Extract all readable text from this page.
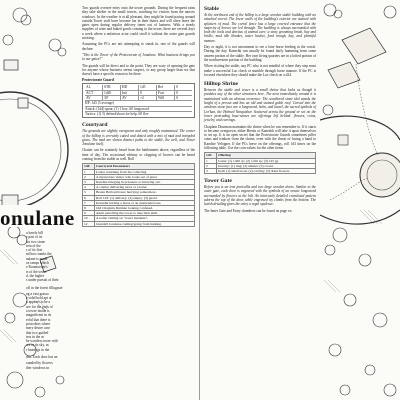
onulane

a lonely hill

e part of its

Inr two stone

tern of the

s of its first

nd how tranks the

aulane is made

oe ramps which

e Kraanstrom's

ts of the tower

d, the higher

s under pursuit of their

off in the forest fillugaste

ng a vast grasso

e solid hold apt at

o appears to be a

ace for the gods of

a tower inside a

magnificent in its

erful that there is

postcolins where

mery desire case

that two guided

ters in the ar

be wooden tower with

are in its sky, as

r bearings in the

nns. Each door has an

ounded by flowers

ther windows in

Two guards oversee entry onto the tower grounds. During the frequent rains they take shelter in the small towers, watching for visitors from the narrow windows. In the weather is at all pleasant, they might be found pacing around outside.Tower staff have become lax in their duties and will often leave the gates open during regular delivery times out of laziness. With a steady supplies of wine and baked goods coming to the tower, there are several days a week where a nefarious actor could stroll it without the outer gate guards noticing.

Assuming the PCs are not attempting to sneak in, one of the guards will declare:

"This is the Tower of the Protectorate of Jonulane. What business brings you to our gates?"

The guards will be direct and to the point. They are wary of opening the gate for anyone whose business seems suspect, or any group larger than six that doesn't have a specific reason to be there.

Protectorate Guard
AL	STR	HD	1d5	Ref	0
ACT	1d20	Init	0	Fort	0
AV	30'	AV	+2	Will	0
HP: 1d5 (5 average)
Attack: (1d4) spear, (1) 1 box, 60 longsword
Tactics: (1) 5) defend/shoot for help, 60 flee
Courtyard

The grounds are slightly overgrown and only roughly maintained. The center of the hilltop is eerrately cutted and dotted with a mix of mud and trampled grass. The mud are shown distinct paths to the stable, the well, and Tower Jonulane itself.

Chatter can be routinely heard from the battlements above, regardless of the time of day. The occasional whinny or clopping of hooves can be heard coming from the stable as well. Roll

1d8	Courtyard Encounters
1	Lantor returning from fas collecting
2	A mysterious visitor who looks out of place
3	Kandise bringing in prisoners or hurrying out.
4	A courier delivering news or a letter.
5	Bresin Bellowblower hurrying somewhere.
6	Roll 1d3: (1) delivery; (2) empty; (3) guard
7	Kaneshk leading a horse or an unattended one.
8	Old Chaplain Durman looking confused.
9	Adult patrolling the tower to take their skill.
10	A noble visiting on "tower business".
12	Glendall Jonulane coming/going from hunting.
Stable

At the northwest end of the hilltop is a large wooden stable building with an attached corral. The lower walls of the building's exterior are stained with splatters of mud. The corral fence has a large covered entrance that the majority of horses are led through. The building is always surrounded with both the tools and detritus of animal care: a stray grooming brush, hay and bridle, mud idle blanket, water bucket, food trough, hay, and plentiful manure.

Day or night, it is not uncommon to see a lone horse feeding in the corral. During the day, Kaneshk can usually be found fairly humming from some unseen portion of the stable. Her own living quarters are in a lofted portion of the northwestern portion of the building.

When visiting the stable, any PC who is not mindful of where they step must make a successful Luc check or stumble through horse manure. If the PC is focused elsewhere they should make the Luc check on a d24.

Hilltop Shrine

Between the stable and tower is a small shrine that looks as though it predates any of the other structures here. The area immediately around it is maintained with an obvious reverence. The weathered stone idol stands the height of a person and has an old and stained gable roof. Carved into the windows stone face are a longsword, helm, and laurel, the sacred symbols of Lor'kan, the Helmed Vanquisher. Scattered across the ground or set on the lower protruding base-stones are offerings left behind: flowers, coins, jewelry, and carvings.

Chaplain Dourman maintains the shrine when he can remember to. If it starts to become overgrown, either Bresin or Kaneshk will take it upon themselves to set up. It is an open secret that the Protectorate Guards sometimes pilfer coins and trinkets from the shrine, even with the threat of losing a hand to Kandise Velopper. If the PCs leave on the offerings, roll 1d3 times on the following table. Use the coin values for the other items.

1d3	Offering
1	Coins: (1) 1d20 cp; (2) 1d10 sp; (3) 1d5 gp
2	Jewelry: (1) ring; (2) amulet; (3) crown
3	Item: (1) small book; (2) carving; (3) dried flowers
Tower Gate

Before you is an iron portcullis and two large wooden doors. Similar to the outer gate, each door is engraved with the symbols of an ornate longsword surrounded by flowers at the hilt. An intricately detailed crenulated pattern adorns the top of the door, while engraved ivy climbs from the bottom. The lavish detailing gives the entry a regal opulence.

The Inner Gate and Entry chambers can be found on page xx.
